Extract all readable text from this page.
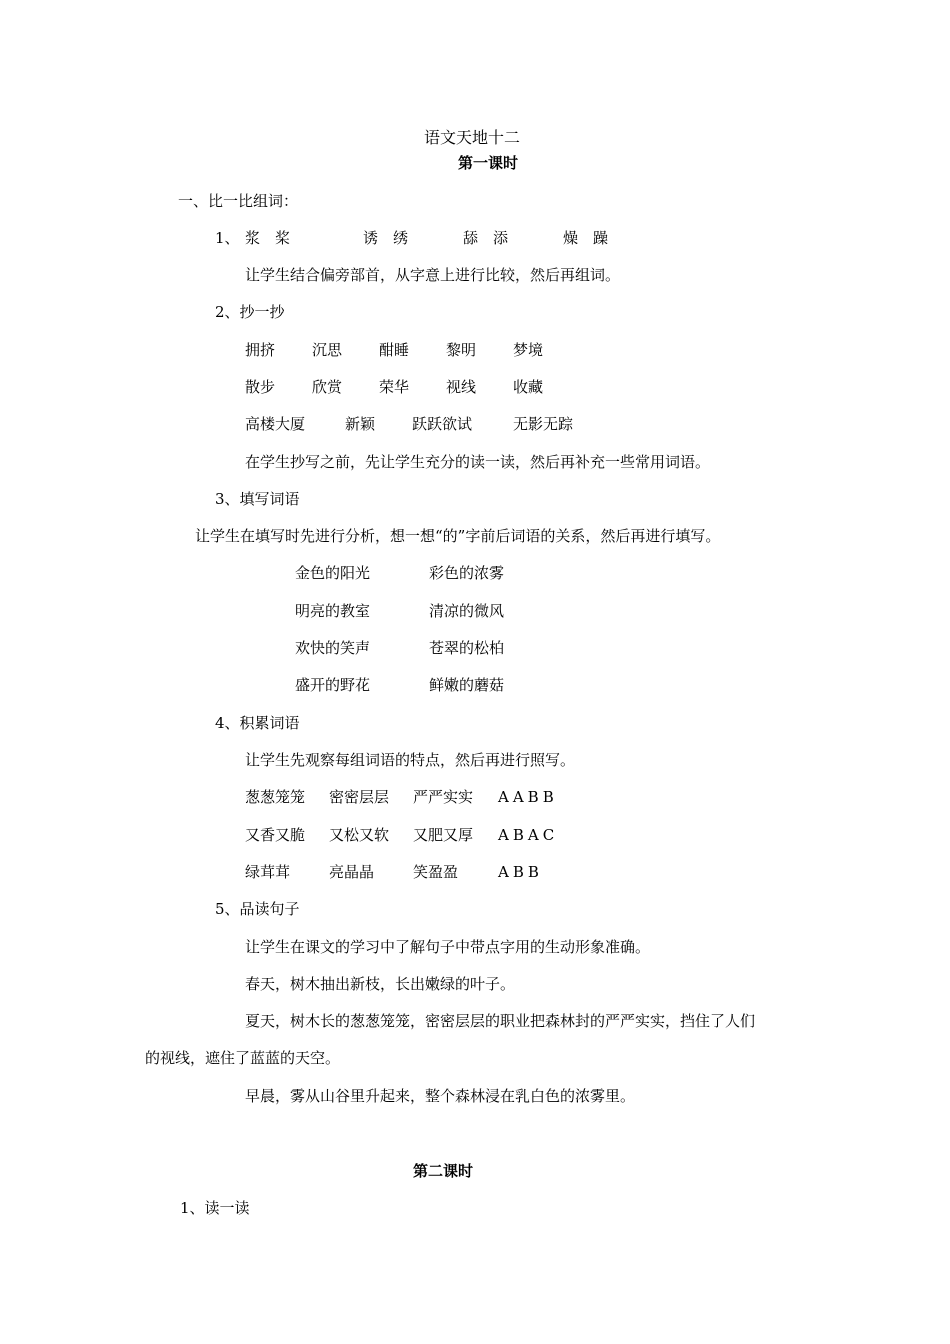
语文天地十二
第一课时
一、比一比组词：
1、 浆　桨	诱　绣	舔　添	燥　躁
让学生结合偏旁部首，从字意上进行比较，然后再组词。
2、抄一抄
拥挤 沉思 酣睡 黎明 梦境
散步 欣赏 荣华 视线 收藏
高楼大厦	新颖 跃跃欲试	无影无踪
在学生抄写之前，先让学生充分的读一读，然后再补充一些常用词语。
3、填写词语
让学生在填写时先进行分析，想一想“的”字前后词语的关系，然后再进行填写。
金色的阳光	彩色的浓雾
明亮的教室	清凉的微风
欢快的笑声	苍翠的松柏
盛开的野花	鲜嫩的蘑菇
4、积累词语
让学生先观察每组词语的特点，然后再进行照写。
葱葱笼笼 密密层层 严严实实 AABB
又香又脆 又松又软 又肥又厚 ABAC
绿茸茸	亮晶晶	笑盈盈	ABB
5、品读句子
让学生在课文的学习中了解句子中带点字用的生动形象准确。
春天，树木抽出新枝，长出嫩绿的叶子。
夏天，树木长的葱葱笼笼，密密层层的职业把森林封的严严实实，挡住了人们
的视线，遮住了蓝蓝的天空。
早晨，雾从山谷里升起来，整个森林浸在乳白色的浓雾里。
第二课时
1、读一读
